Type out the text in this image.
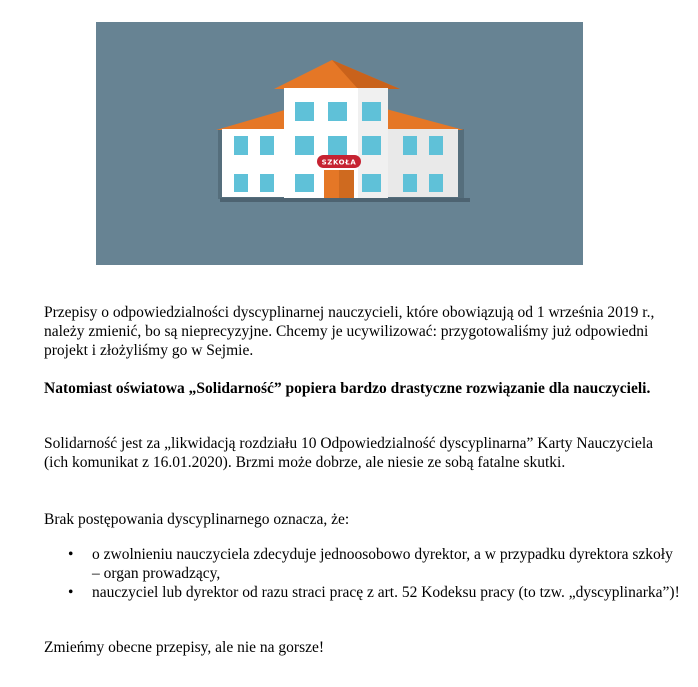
SZKOŁA

Przepisy o odpowiedzialności dyscyplinarnej nauczycieli, które obowiązują od 1 września 2019 r., należy zmienić, bo są nieprecyzyjne. Chcemy je ucywilizować: przygotowaliśmy już odpowiedni projekt i złożyliśmy go w Sejmie.

Natomiast oświatowa „Solidarność” popiera bardzo drastyczne rozwiązanie dla nauczycieli.

Solidarność jest za „likwidacją rozdziału 10 Odpowiedzialność dyscyplinarna” Karty Nauczyciela (ich komunikat z 16.01.2020). Brzmi może dobrze, ale niesie ze sobą fatalne skutki.

Brak postępowania dyscyplinarnego oznacza, że:

• o zwolnieniu nauczyciela zdecyduje jednoosobowo dyrektor, a w przypadku dyrektora szkoły – organ prowadzący,
• nauczyciel lub dyrektor od razu straci pracę z art. 52 Kodeksu pracy (to tzw. „dyscyplinarka”)!

Zmieńmy obecne przepisy, ale nie na gorsze!
